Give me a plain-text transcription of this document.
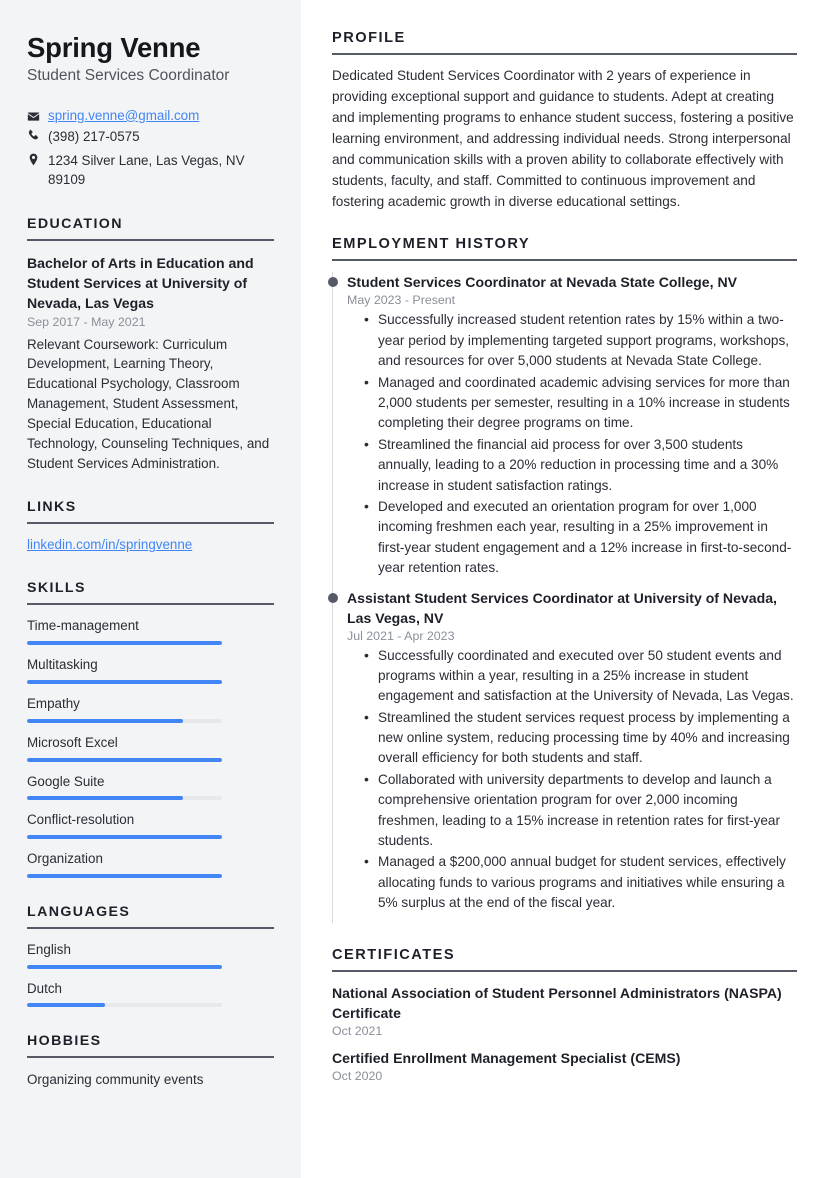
Spring Venne
Student Services Coordinator
spring.venne@gmail.com
(398) 217-0575
1234 Silver Lane, Las Vegas, NV 89109
EDUCATION
Bachelor of Arts in Education and Student Services at University of Nevada, Las Vegas
Sep 2017 - May 2021
Relevant Coursework: Curriculum Development, Learning Theory, Educational Psychology, Classroom Management, Student Assessment, Special Education, Educational Technology, Counseling Techniques, and Student Services Administration.
LINKS
linkedin.com/in/springvenne
SKILLS
Time-management
Multitasking
Empathy
Microsoft Excel
Google Suite
Conflict-resolution
Organization
LANGUAGES
English
Dutch
HOBBIES
Organizing community events
PROFILE

Dedicated Student Services Coordinator with 2 years of experience in providing exceptional support and guidance to students. Adept at creating and implementing programs to enhance student success, fostering a positive learning environment, and addressing individual needs. Strong interpersonal and communication skills with a proven ability to collaborate effectively with students, faculty, and staff. Committed to continuous improvement and fostering academic growth in diverse educational settings.

EMPLOYMENT HISTORY
Student Services Coordinator at Nevada State College, NV
May 2023 - Present
• Successfully increased student retention rates by 15% within a two-year period by implementing targeted support programs, workshops, and resources for over 5,000 students at Nevada State College.
• Managed and coordinated academic advising services for more than 2,000 students per semester, resulting in a 10% increase in students completing their degree programs on time.
• Streamlined the financial aid process for over 3,500 students annually, leading to a 20% reduction in processing time and a 30% increase in student satisfaction ratings.
• Developed and executed an orientation program for over 1,000 incoming freshmen each year, resulting in a 25% improvement in first-year student engagement and a 12% increase in first-to-second-year retention rates.
Assistant Student Services Coordinator at University of Nevada, Las Vegas, NV
Jul 2021 - Apr 2023
• Successfully coordinated and executed over 50 student events and programs within a year, resulting in a 25% increase in student engagement and satisfaction at the University of Nevada, Las Vegas.
• Streamlined the student services request process by implementing a new online system, reducing processing time by 40% and increasing overall efficiency for both students and staff.
• Collaborated with university departments to develop and launch a comprehensive orientation program for over 2,000 incoming freshmen, leading to a 15% increase in retention rates for first-year students.
• Managed a $200,000 annual budget for student services, effectively allocating funds to various programs and initiatives while ensuring a 5% surplus at the end of the fiscal year.
CERTIFICATES
National Association of Student Personnel Administrators (NASPA) Certificate
Oct 2021
Certified Enrollment Management Specialist (CEMS)
Oct 2020
